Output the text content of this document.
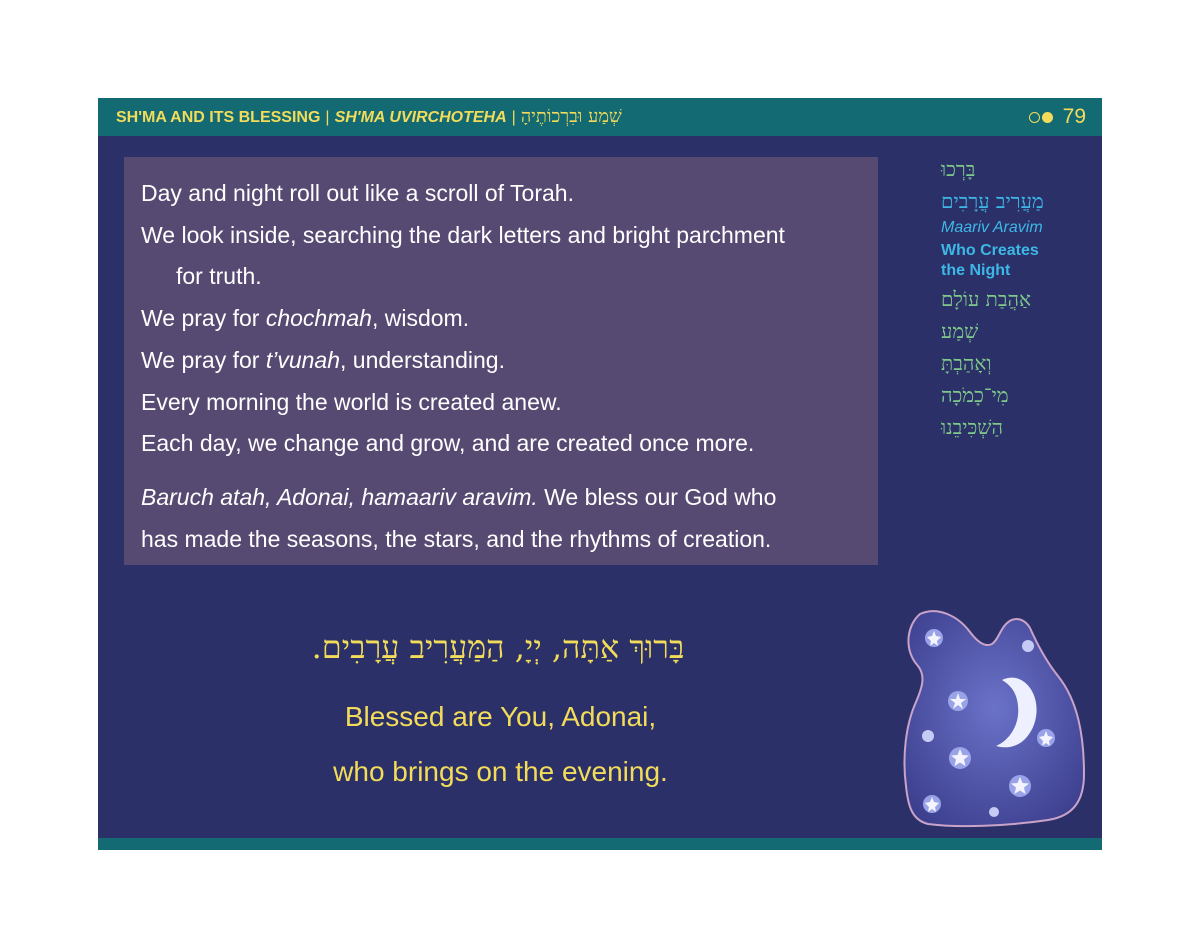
SH'MA AND ITS BLESSING | SH'MA UVIRCHOTEHA | שְׁמַע וּבִרְכוֹתֶיהָ	79

Day and night roll out like a scroll of Torah.

We look inside, searching the dark letters and bright parchment

for truth.

We pray for chochmah, wisdom.

We pray for t’vunah, understanding.

Every morning the world is created anew.

Each day, we change and grow, and are created once more.

Baruch atah, Adonai, hamaariv aravim. We bless our God who

has made the seasons, the stars, and the rhythms of creation.

בָּרְכוּ
מַעֲרִיב עֲרָבִים
Maariv Aravim
Who Creates
the Night
אַהֲבַת עוֹלָם
שְׁמַע
וְאָהַבְתָּ
מִי־כָמֹכָה
הַשְׁכִּיבֵנוּ
בָּרוּךְ אַתָּה, יְיָ, הַמַּעֲרִיב עֲרָבִים.
Blessed are You, Adonai,
who brings on the evening.
